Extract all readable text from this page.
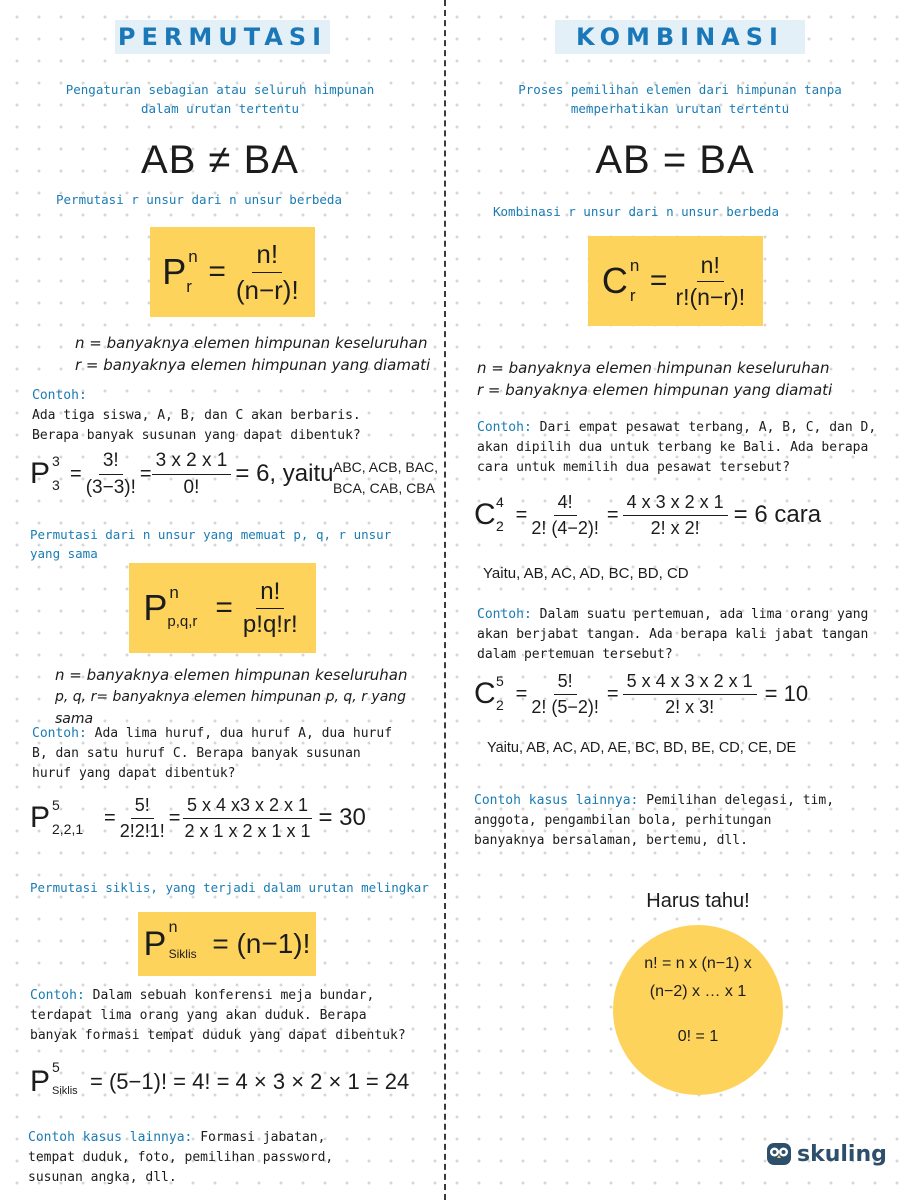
PERMUTASI
Pengaturan sebagian atau seluruh himpunan
dalam urutan tertentu
AB ≠ BA
Permutasi r unsur dari n unsur berbeda
P n
$r = \frac{n!}{(n-r)!}$
n = banyaknya elemen himpunan keseluruhan
r = banyaknya elemen himpunan yang diamati
Contoh:
Ada tiga siswa, A, B, dan C akan berbaris.
Berapa banyak susunan yang dapat dibentuk?
P 3
3
= $\frac{3!}{(3-3)!} = \frac{3 x 2 x 1}{0!} = 6$, yaitu ABC, ACB, BAC,
BCA, CAB, CBA
Permutasi dari n unsur yang memuat p, q, r unsur
yang sama
P n
$p,q,r = \frac{n!}{p!q!r!}$
n = banyaknya elemen himpunan keseluruhan
p, q, r= banyaknya elemen himpunan p, q, r yang sama
Contoh: Ada lima huruf, dua huruf A, dua huruf
B, dan satu huruf C. Berapa banyak susunan
huruf yang dapat dibentuk?
P 5
2,2,1
= $\frac{5!}{2!2!1!} = \frac{5 x 4 x3 x 2 x 1}{2 x 1 x 2 x 1 x 1} = 30$
Permutasi siklis, yang terjadi dalam urutan melingkar
P n
Siklis = (n−1)!
Contoh: Dalam sebuah konferensi meja bundar,
terdapat lima orang yang akan duduk. Berapa
banyak formasi tempat duduk yang dapat dibentuk?
P 5
Siklis = (5−1)! = 4! = 4 × 3 × 2 × 1 = 24
Contoh kasus lainnya: Formasi jabatan,
tempat duduk, foto, pemilihan password,
susunan angka, dll.
KOMBINASI
Proses pemilihan elemen dari himpunan tanpa
memperhatikan urutan tertentu
AB = BA
Kombinasi r unsur dari n unsur berbeda
C n
$r = \frac{n!}{r!(n-r)!}$
n = banyaknya elemen himpunan keseluruhan
r = banyaknya elemen himpunan yang diamati
Contoh: Dari empat pesawat terbang, A, B, C, dan D,
akan dipilih dua untuk terbang ke Bali. Ada berapa
cara untuk memilih dua pesawat tersebut?
C 4
2
= $\frac{4!}{2! (4-2)!} = \frac{4 x 3 x 2 x 1}{2! x 2!} = 6$ cara
Yaitu, AB, AC, AD, BC, BD, CD
Contoh: Dalam suatu pertemuan, ada lima orang yang
akan berjabat tangan. Ada berapa kali jabat tangan
dalam pertemuan tersebut?
C 5
2
= $\frac{5!}{2! (5-2)!} = \frac{5 x 4 x 3 x 2 x 1}{2! x 3!} = 10$
Yaitu, AB, AC, AD, AE, BC, BD, BE, CD, CE, DE
Contoh kasus lainnya: Pemilihan delegasi, tim,
anggota, pengambilan bola, perhitungan
banyaknya bersalaman, bertemu, dll.
Harus tahu!
n! = n x (n−1) x
(n−2) x … x 1
0! = 1
skuling
